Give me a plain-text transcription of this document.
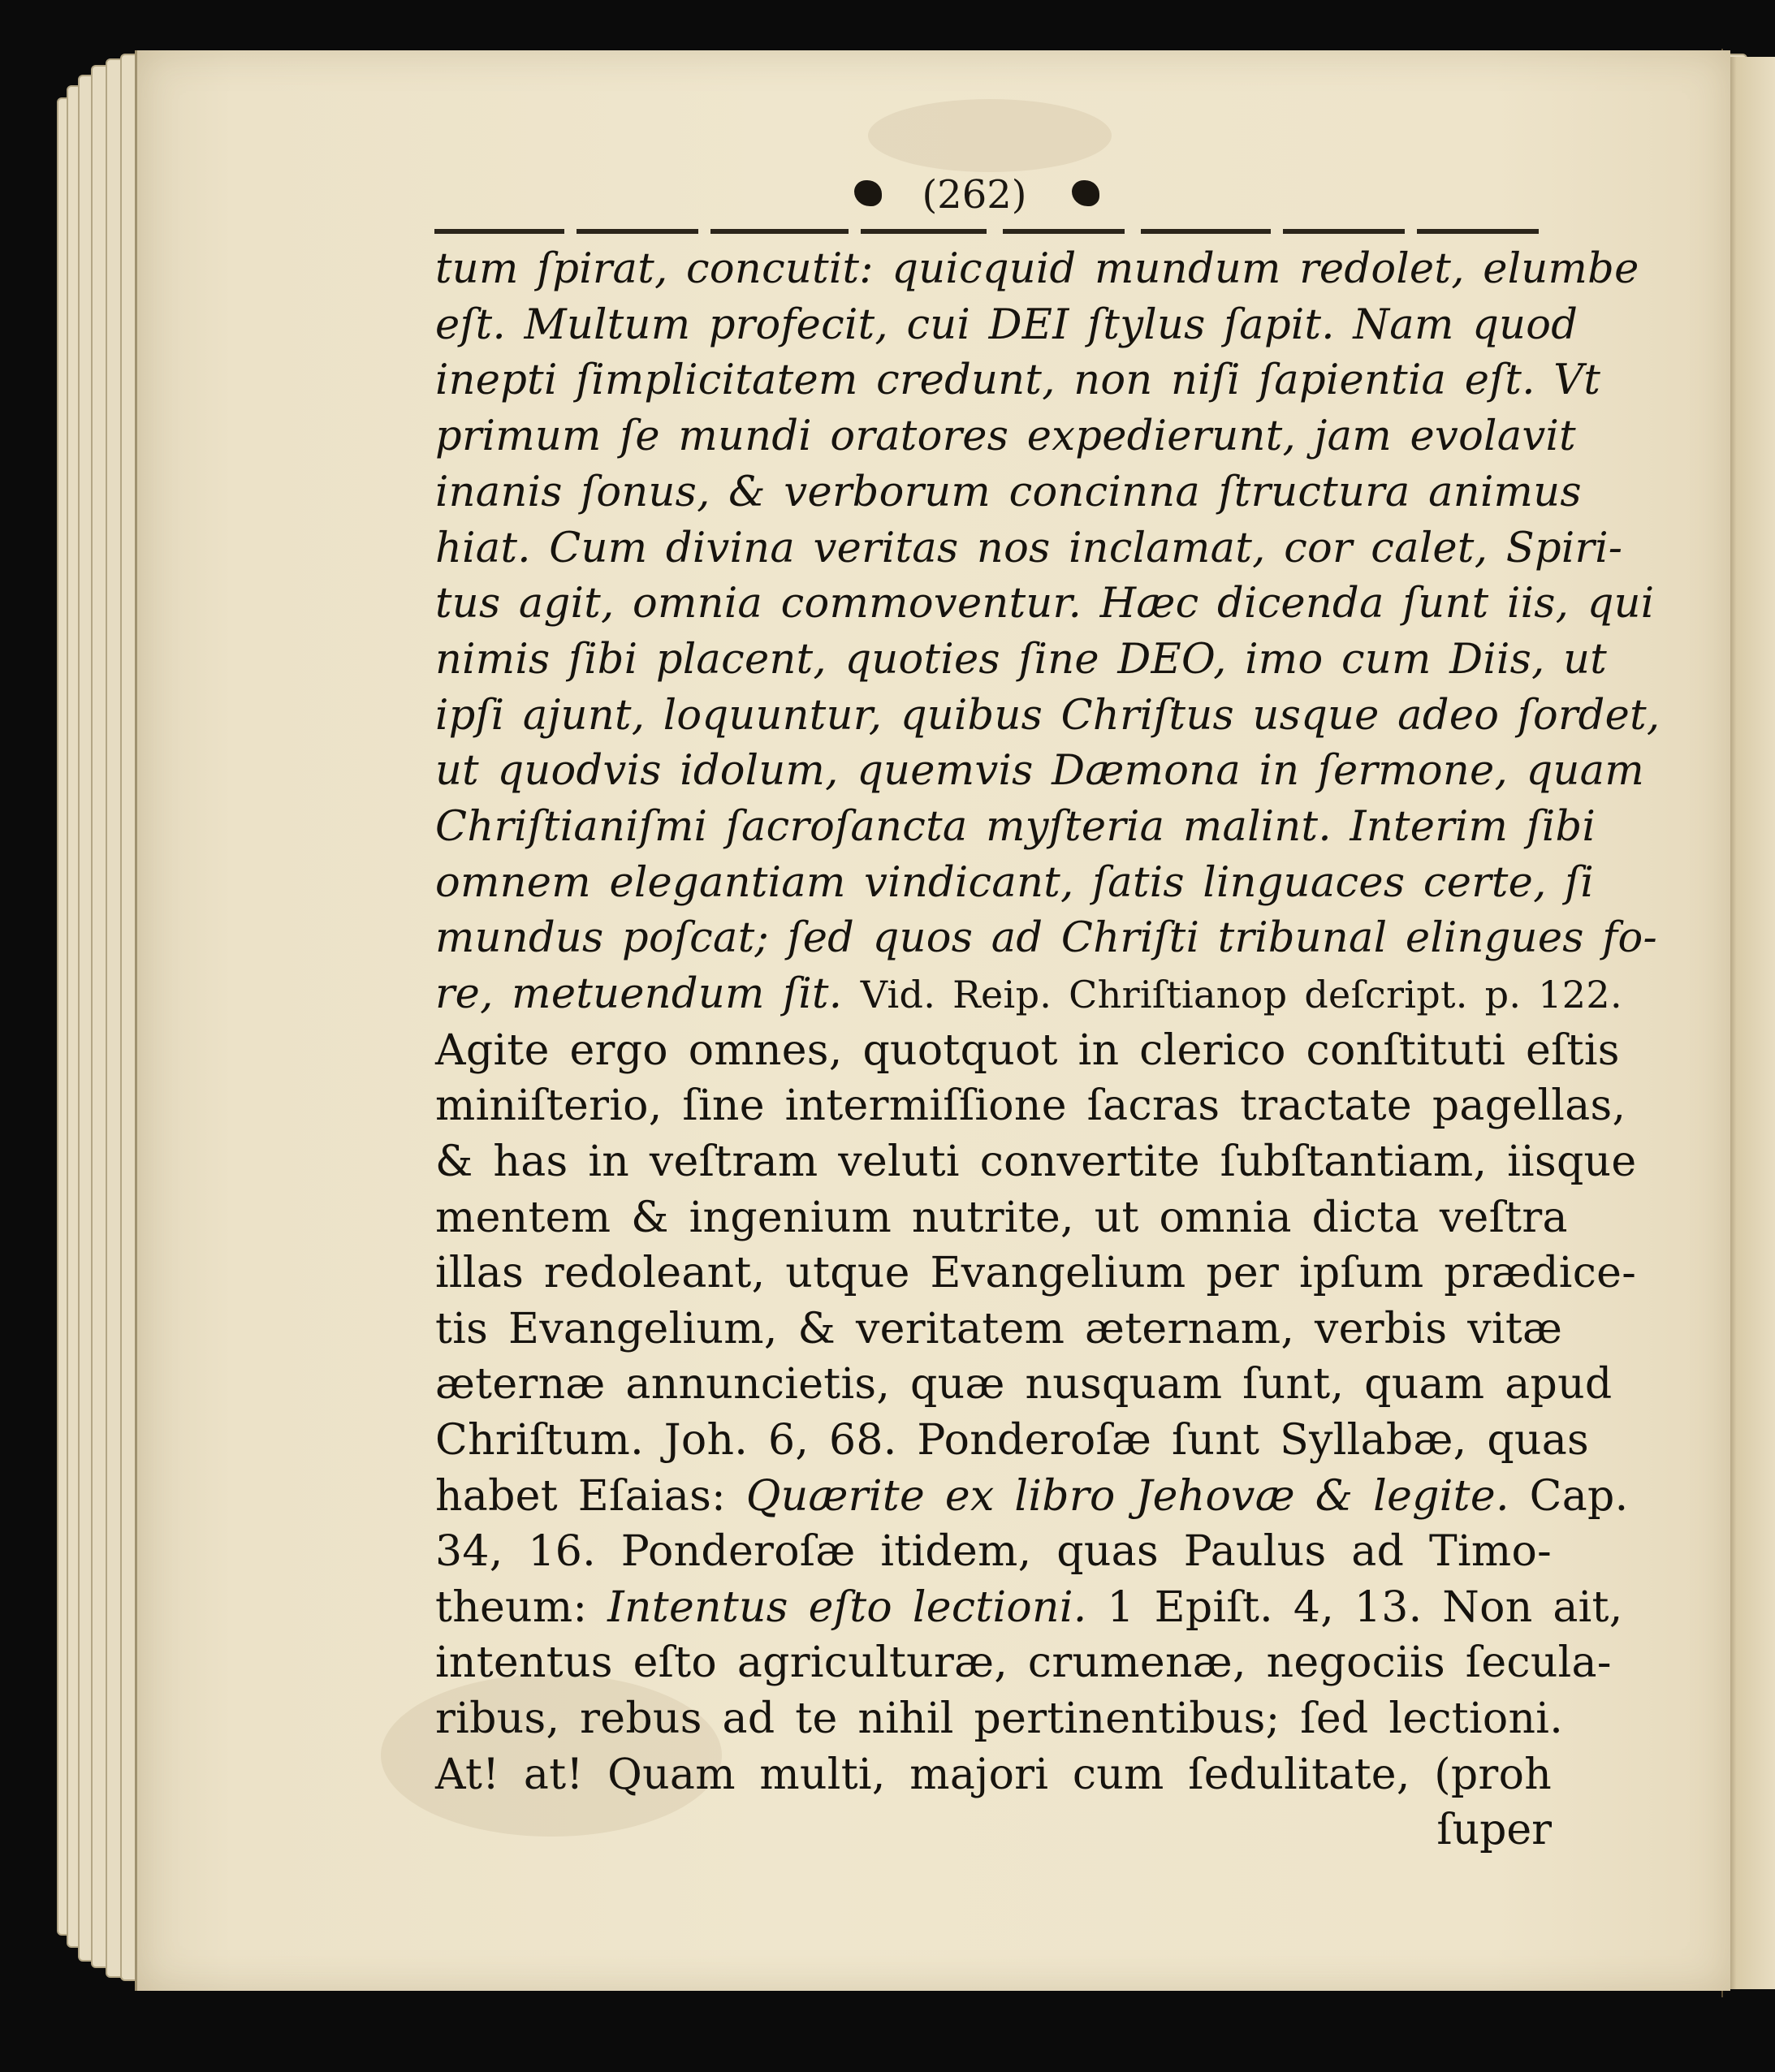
(262)
tum ſpirat, concutit: quicquid mundum redolet, elumbe
eſt. Multum profecit, cui DEI ſtylus ſapit. Nam quod
inepti ſimplicitatem credunt, non niſi ſapientia eſt. Vt
primum ſe mundi oratores expedierunt, jam evolavit
inanis ſonus, & verborum concinna ſtructura animus
hiat. Cum divina veritas nos inclamat, cor calet, Spiri-
tus agit, omnia commoventur. Hæc dicenda ſunt iis, qui
nimis ſibi placent, quoties ſine DEO, imo cum Diis, ut
ipſi ajunt, loquuntur, quibus Chriſtus usque adeo ſordet,
ut quodvis idolum, quemvis Dæmona in ſermone, quam
Chriſtianiſmi ſacroſancta myſteria malint. Interim ſibi
omnem elegantiam vindicant, ſatis linguaces certe, ſi
mundus poſcat; ſed quos ad Chriſti tribunal elingues fo-
re, metuendum ſit. Vid. Reip. Chriſtianop deſcript. p. 122.
Agite ergo omnes, quotquot in clerico conſtituti eſtis
miniſterio, ſine intermiſſione ſacras tractate pagellas,
& has in veſtram veluti convertite ſubſtantiam, iisque
mentem & ingenium nutrite, ut omnia dicta veſtra
illas redoleant, utque Evangelium per ipſum prædice-
tis Evangelium, & veritatem æternam, verbis vitæ
æternæ annuncietis, quæ nusquam ſunt, quam apud
Chriſtum. Joh. 6, 68. Ponderoſæ ſunt Syllabæ, quas
habet Eſaias: Quærite ex libro Jehovæ & legite. Cap.
34, 16. Ponderoſæ itidem, quas Paulus ad Timo-
theum: Intentus eſto lectioni. 1 Epiſt. 4, 13. Non ait,
intentus eſto agriculturæ, crumenæ, negociis ſecula-
ribus, rebus ad te nihil pertinentibus; ſed lectioni.
At! at! Quam multi, majori cum ſedulitate, (proh
ſuper
